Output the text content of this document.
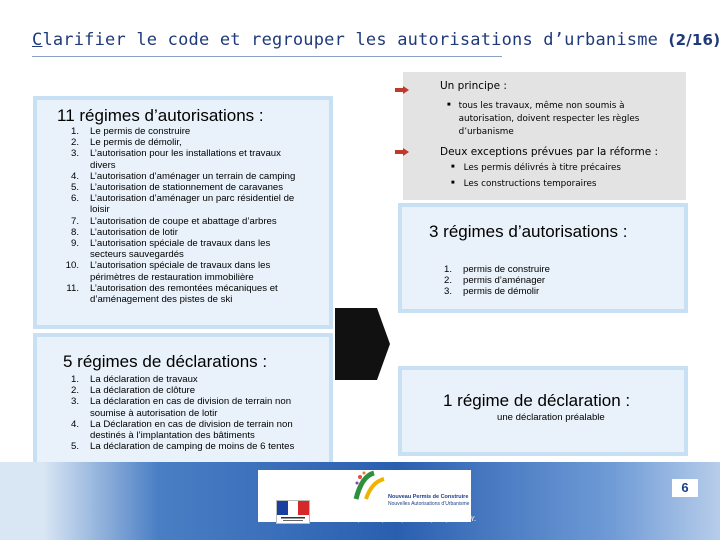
Clarifier le code et regrouper les autorisations d’urbanisme (2/16)
11 régimes d’autorisations :
1.	Le permis de construire
2.	Le permis de démolir,
3.	L’autorisation pour les installations et travaux divers
4.	L’autorisation d’aménager un terrain de camping
5.	L’autorisation de stationnement de caravanes
6.	L’autorisation d’aménager un parc résidentiel de loisir
7.	L’autorisation de coupe et abattage d’arbres
8.	L’autorisation de lotir
9.	L’autorisation spéciale de travaux dans les secteurs sauvegardés
10.	L’autorisation spéciale de travaux dans les périmètres de restauration immobilière
11.	L’autorisation des remontées mécaniques et d’aménagement des pistes de ski
5 régimes de déclarations :
1.	La déclaration de travaux
2.	La déclaration de clôture
3.	La déclaration en cas de division de terrain non soumise à autorisation de lotir
4.	La Déclaration en cas de division de terrain non destinés à l’implantation des bâtiments
5.	La déclaration de camping de moins de 6 tentes
Un principe :
■ tous les travaux, même non soumis à autorisation, doivent respecter les règles d’urbanisme
Deux exceptions prévues par la réforme :
■ Les permis délivrés à titre précaires
■ Les constructions temporaires
3 régimes d’autorisations :
1.	permis de construire
2.	permis d’aménager
3.	permis de démolir
1 régime de déclaration :
une déclaration préalable
Nouveau Permis de Construire
Nouvelles Autorisations d’Urbanisme
Plus clair, plus rapide, plus simple, plus sûr.
6
